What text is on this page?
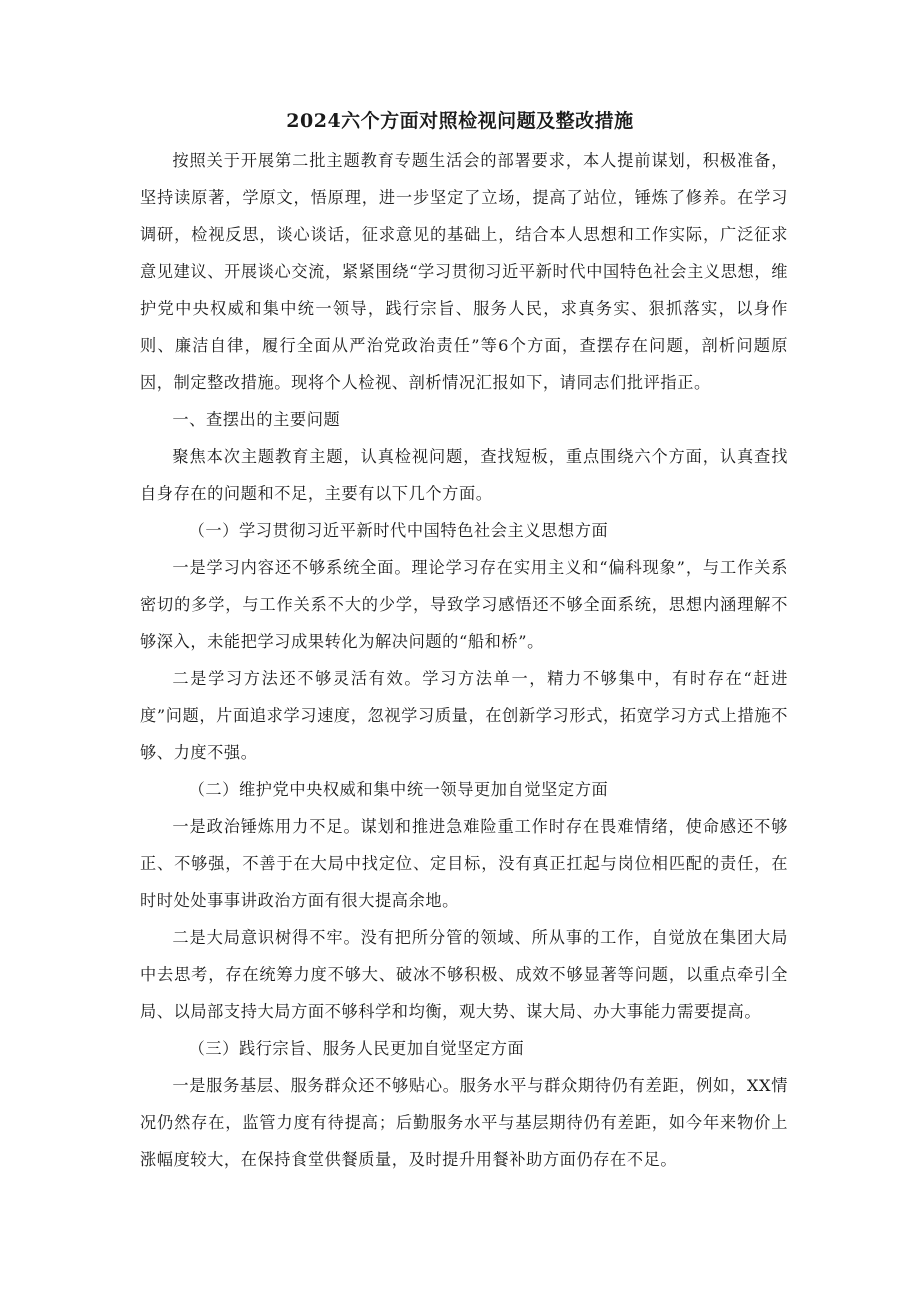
2024六个方面对照检视问题及整改措施

按照关于开展第二批主题教育专题生活会的部署要求，本人提前谋划，积极准备，坚持读原著，学原文，悟原理，进一步坚定了立场，提高了站位，锤炼了修养。在学习调研，检视反思，谈心谈话，征求意见的基础上，结合本人思想和工作实际，广泛征求意见建议、开展谈心交流，紧紧围绕“学习贯彻习近平新时代中国特色社会主义思想，维护党中央权威和集中统一领导，践行宗旨、服务人民，求真务实、狠抓落实，以身作则、廉洁自律，履行全面从严治党政治责任”等6个方面，查摆存在问题，剖析问题原因，制定整改措施。现将个人检视、剖析情况汇报如下，请同志们批评指正。

一、查摆出的主要问题

聚焦本次主题教育主题，认真检视问题，查找短板，重点围绕六个方面，认真查找自身存在的问题和不足，主要有以下几个方面。

（一）学习贯彻习近平新时代中国特色社会主义思想方面

一是学习内容还不够系统全面。理论学习存在实用主义和“偏科现象”，与工作关系密切的多学，与工作关系不大的少学，导致学习感悟还不够全面系统，思想内涵理解不够深入，未能把学习成果转化为解决问题的“船和桥”。

二是学习方法还不够灵活有效。学习方法单一，精力不够集中，有时存在“赶进度”问题，片面追求学习速度，忽视学习质量，在创新学习形式，拓宽学习方式上措施不够、力度不强。

（二）维护党中央权威和集中统一领导更加自觉坚定方面

一是政治锤炼用力不足。谋划和推进急难险重工作时存在畏难情绪，使命感还不够正、不够强，不善于在大局中找定位、定目标，没有真正扛起与岗位相匹配的责任，在时时处处事事讲政治方面有很大提高余地。

二是大局意识树得不牢。没有把所分管的领域、所从事的工作，自觉放在集团大局中去思考，存在统筹力度不够大、破冰不够积极、成效不够显著等问题，以重点牵引全局、以局部支持大局方面不够科学和均衡，观大势、谋大局、办大事能力需要提高。

（三）践行宗旨、服务人民更加自觉坚定方面

一是服务基层、服务群众还不够贴心。服务水平与群众期待仍有差距，例如，XX情况仍然存在，监管力度有待提高；后勤服务水平与基层期待仍有差距，如今年来物价上涨幅度较大，在保持食堂供餐质量，及时提升用餐补助方面仍存在不足。
